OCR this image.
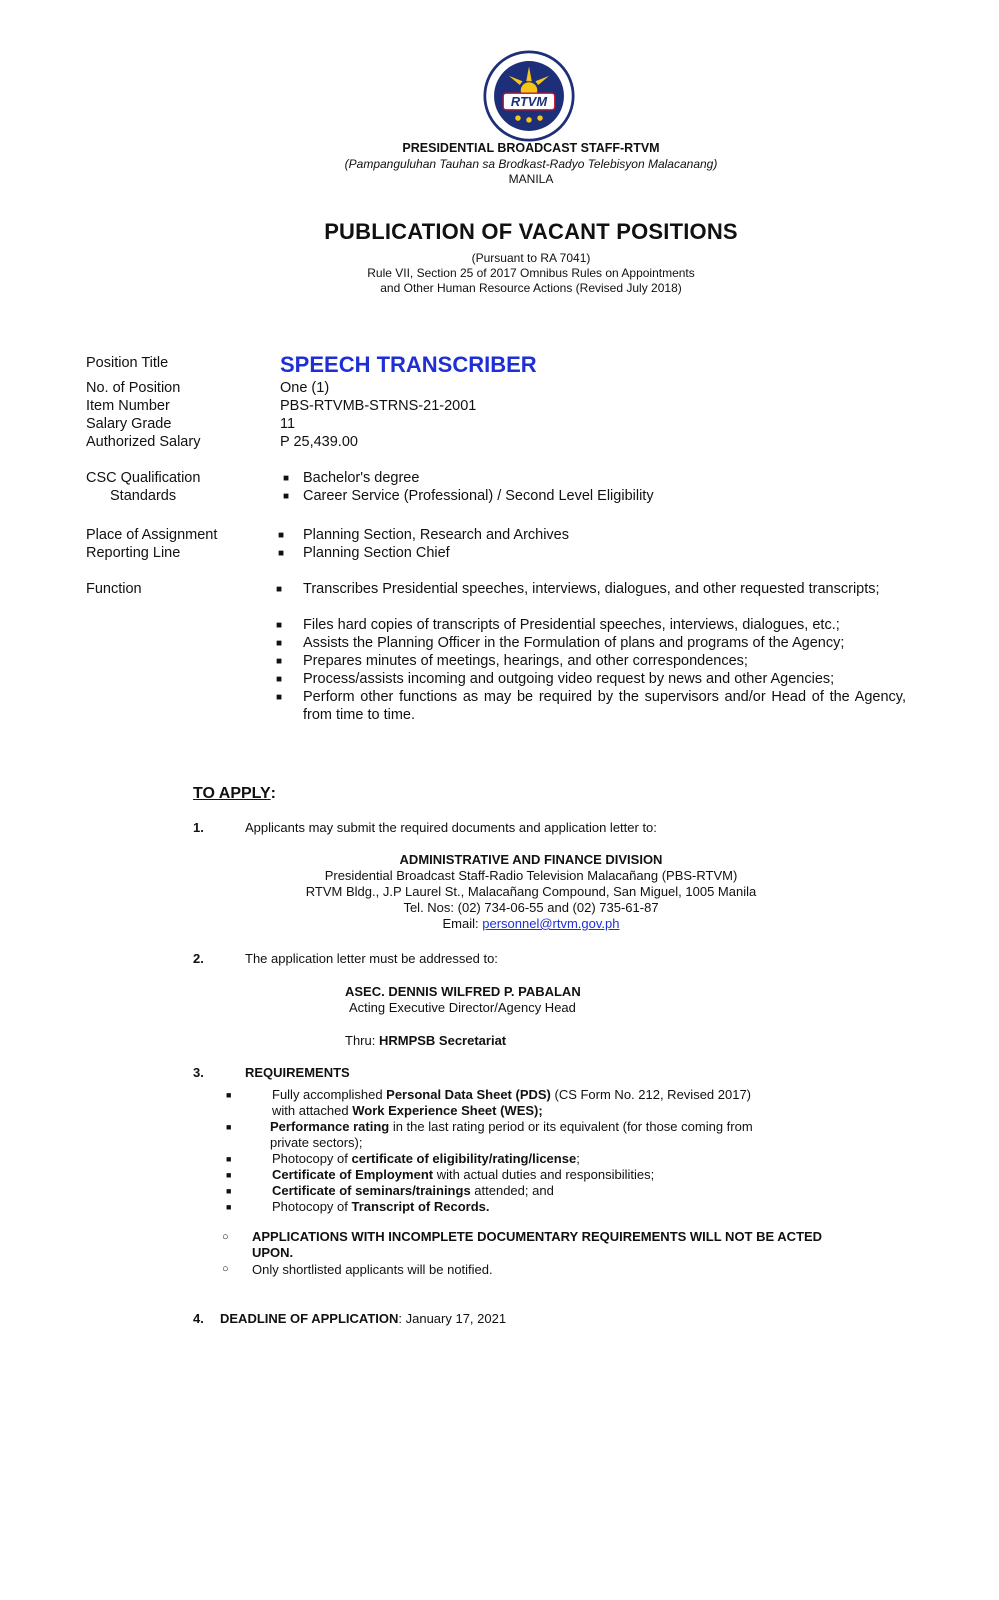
RTVM
PRESIDENTIAL BROADCAST STAFF-RTVM
(Pampanguluhan Tauhan sa Brodkast-Radyo Telebisyon Malacanang)
MANILA
PUBLICATION OF VACANT POSITIONS
(Pursuant to RA 7041)
Rule VII, Section 25 of 2017 Omnibus Rules on Appointments
and Other Human Resource Actions (Revised July 2018)
Position Title	SPEECH TRANSCRIBER
No. of Position	One (1)
Item Number	PBS-RTVMB-STRNS-21-2001
Salary Grade	11
Authorized Salary	P 25,439.00
CSC Qualification
Standards
■ Bachelor's degree
■ Career Service (Professional) / Second Level Eligibility
Place of Assignment	■ Planning Section, Research and Archives
Reporting Line	■ Planning Section Chief
Function	■ Transcribes Presidential speeches, interviews, dialogues, and other requested transcripts;
■ Files hard copies of transcripts of Presidential speeches, interviews, dialogues, etc.;
■ Assists the Planning Officer in the Formulation of plans and programs of the Agency;
■ Prepares minutes of meetings, hearings, and other correspondences;
■ Process/assists incoming and outgoing video request by news and other Agencies;
■ Perform other functions as may be required by the supervisors and/or Head of the Agency, from time to time.
TO APPLY:
1.	Applicants may submit the required documents and application letter to:
ADMINISTRATIVE AND FINANCE DIVISION
Presidential Broadcast Staff-Radio Television Malacañang (PBS-RTVM)
RTVM Bldg., J.P Laurel St., Malacañang Compound, San Miguel, 1005 Manila
Tel. Nos: (02) 734-06-55 and (02) 735-61-87
Email: personnel@rtvm.gov.ph
2.	The application letter must be addressed to:
ASEC. DENNIS WILFRED P. PABALAN
Acting Executive Director/Agency Head
Thru: HRMPSB Secretariat
3.	REQUIREMENTS
■	Fully accomplished Personal Data Sheet (PDS) (CS Form No. 212, Revised 2017)
with attached Work Experience Sheet (WES);
■	Performance rating in the last rating period or its equivalent (for those coming from
private sectors);
■	Photocopy of certificate of eligibility/rating/license;
■	Certificate of Employment with actual duties and responsibilities;
■	Certificate of seminars/trainings attended; and
■	Photocopy of Transcript of Records.
○ APPLICATIONS WITH INCOMPLETE DOCUMENTARY REQUIREMENTS WILL NOT BE ACTED UPON.
○ Only shortlisted applicants will be notified.
4. DEADLINE OF APPLICATION: January 17, 2021
